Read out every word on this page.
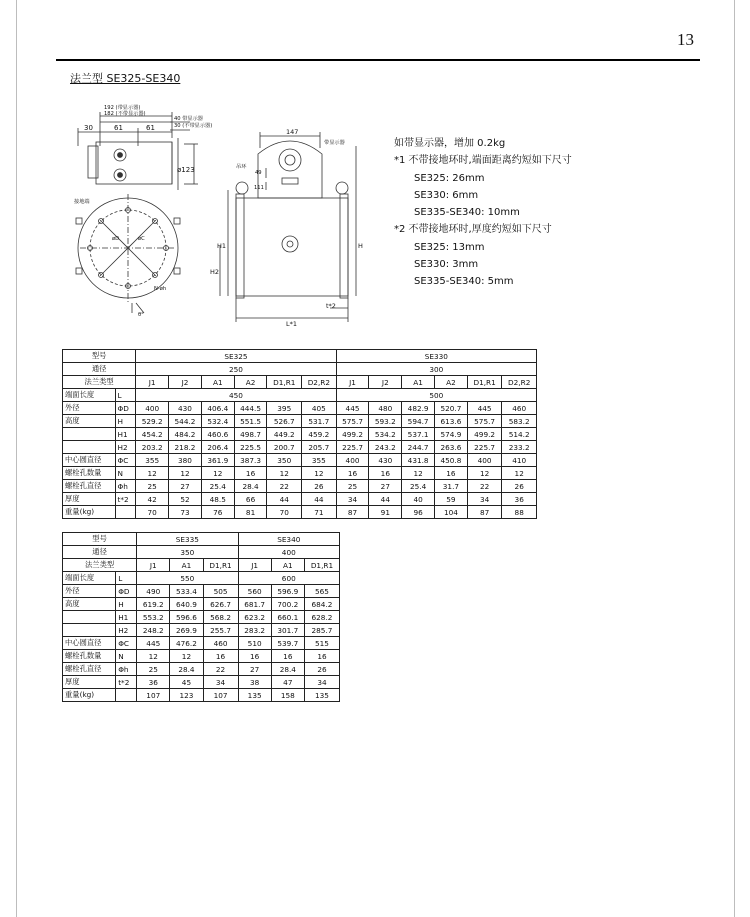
13
法兰型 SE325-SE340
192 (带显示器)
182 (不带显示器)
40 带显示器
30 (不带显示器)
30	61	61
ø123
接地端
øD	øC
N-øh
θ°
147
吊环
带显示器
49
111
H
H1
H2
L*1
t*2
如带显示器，增加 0.2kg
*1 不带接地环时,端面距离约短如下尺寸
SE325: 26mm
SE330: 6mm
SE335-SE340: 10mm
*2 不带接地环时,厚度约短如下尺寸
SE325: 13mm
SE330: 3mm
SE335-SE340: 5mm
型号		SE325						SE330					
通径		250						300					
法兰类型		J1	J2	A1	A2	D1,R1	D2,R2	J1	J2	A1	A2	D1,R1	D2,R2
端面长度	L	450						500					
外径	ΦD	400	430	406.4	444.5	395	405	445	480	482.9	520.7	445	460
高度	H	529.2	544.2	532.4	551.5	526.7	531.7	575.7	593.2	594.7	613.6	575.7	583.2
	H1	454.2	484.2	460.6	498.7	449.2	459.2	499.2	534.2	537.1	574.9	499.2	514.2
	H2	203.2	218.2	206.4	225.5	200.7	205.7	225.7	243.2	244.7	263.6	225.7	233.2
中心圆直径	ΦC	355	380	361.9	387.3	350	355	400	430	431.8	450.8	400	410
螺栓孔数量	N	12	12	12	16	12	12	16	16	12	16	12	12
螺栓孔直径	Φh	25	27	25.4	28.4	22	26	25	27	25.4	31.7	22	26
厚度	t*2	42	52	48.5	66	44	44	34	44	40	59	34	36
重量(kg)		70	73	76	81	70	71	87	91	96	104	87	88
型号		SE335			SE340		
通径		350			400		
法兰类型		J1	A1	D1,R1	J1	A1	D1,R1
端面长度	L	550			600		
外径	ΦD	490	533.4	505	560	596.9	565
高度	H	619.2	640.9	626.7	681.7	700.2	684.2
	H1	553.2	596.6	568.2	623.2	660.1	628.2
	H2	248.2	269.9	255.7	283.2	301.7	285.7
中心圆直径	ΦC	445	476.2	460	510	539.7	515
螺栓孔数量	N	12	12	16	16	16	16
螺栓孔直径	Φh	25	28.4	22	27	28.4	26
厚度	t*2	36	45	34	38	47	34
重量(kg)		107	123	107	135	158	135
